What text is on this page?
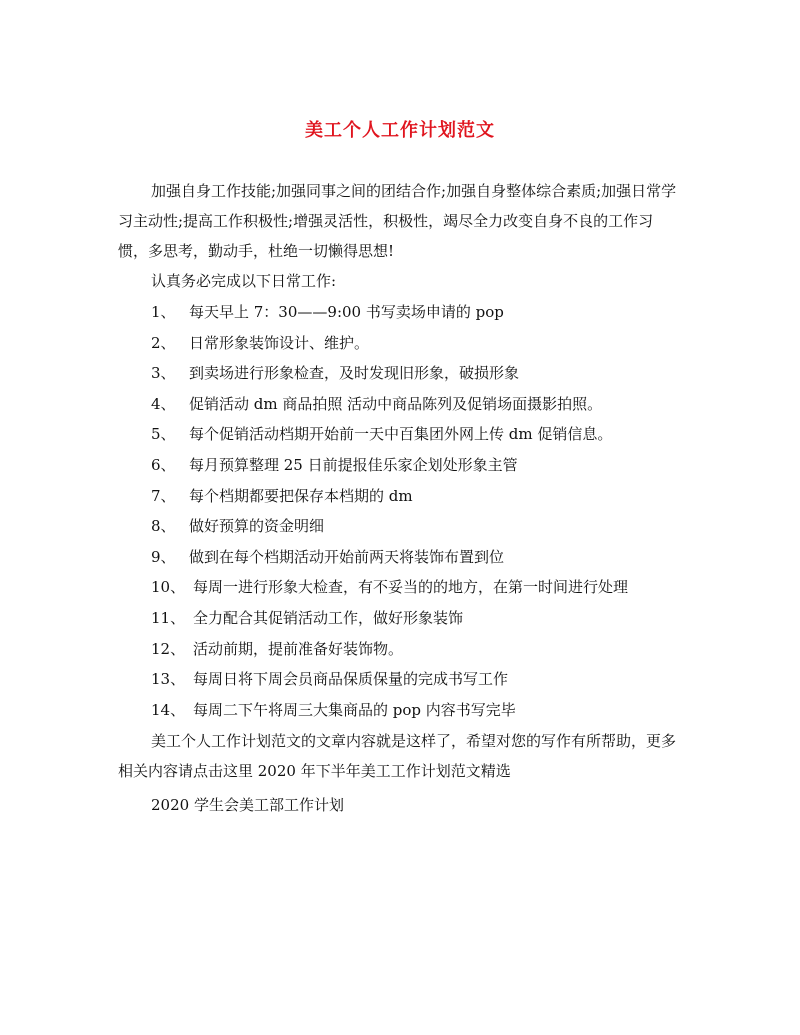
美工个人工作计划范文
加强自身工作技能;加强同事之间的团结合作;加强自身整体综合素质;加强日常学习主动性;提高工作积极性;增强灵活性，积极性，竭尽全力改变自身不良的工作习惯，多思考，勤动手，杜绝一切懒得思想!
认真务必完成以下日常工作:
1、 每天早上 7：30——9:00 书写卖场申请的 pop
2、 日常形象装饰设计、维护。
3、 到卖场进行形象检查，及时发现旧形象，破损形象
4、 促销活动 dm 商品拍照 活动中商品陈列及促销场面摄影拍照。
5、 每个促销活动档期开始前一天中百集团外网上传 dm 促销信息。
6、 每月预算整理 25 日前提报佳乐家企划处形象主管
7、 每个档期都要把保存本档期的 dm
8、 做好预算的资金明细
9、 做到在每个档期活动开始前两天将装饰布置到位
10、 每周一进行形象大检查，有不妥当的的地方，在第一时间进行处理
11、 全力配合其促销活动工作，做好形象装饰
12、 活动前期，提前准备好装饰物。
13、 每周日将下周会员商品保质保量的完成书写工作
14、 每周二下午将周三大集商品的 pop 内容书写完毕
美工个人工作计划范文的文章内容就是这样了，希望对您的写作有所帮助，更多相关内容请点击这里 2020 年下半年美工工作计划范文精选
2020 学生会美工部工作计划
